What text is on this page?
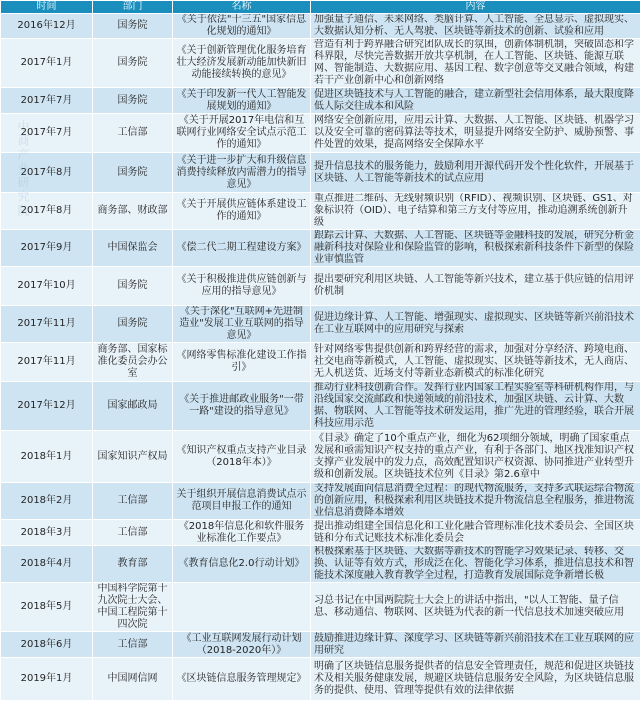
时间	部门	名称	内容
2016年12月	国务院	《关于依法"十三五"国家信息化规划的通知》	加强量子通信、未来网络、类脑计算、人工智能、全息显示、虚拟现实、大数据认知分析、无人驾驶、区块链等新技术的创新、试验和应用
2017年1月	国务院	《关于创新管理优化服务培育壮大经济发展新动能加快新旧动能接续转换的意见》	营造有利于跨界融合研究团队成长的氛围，创新体制机制，突破固态和学科界限，尽快完善数据开放共享机制，在人工智能、区块链、能源互联网、智能制造、大数据应用、基因工程、数字创意等交叉融合领域，构建若干产业创新中心和创新网络
2017年7月	国务院	《关于印发新一代人工智能发展规划的通知》	促进区块链技术与人工智能的融合，建立新型社会信用体系，最大限度降低人际交往成本和风险
2017年7月	工信部	《关于开展2017年电信和互联网行业网络安全试点示范工作的通知》	网络安全创新应用，应用云计算、大数据、人工智能、区块链、机器学习以及安全可靠的密码算法等技术，明显提升网络安全防护、威胁预警、事件处置的效果，提高网络安全保障水平
2017年8月	国务院	《关于进一步扩大和升级信息消费持续释放内需潜力的指导意见》	提升信息技术的服务能力，鼓励利用开源代码开发个性化软件，开展基于区块链、人工智能等新技术的试点应用
2017年8月	商务部、财政部	《关于开展供应链体系建设工作的通知》	重点推进二维码、无线射频识别（RFID）、视频识别、区块链、GS1、对象标识符（OID）、电子结算和第三方支付等应用，推动追溯系统创新升级
2017年9月	中国保监会	《偿二代二期工程建设方案》	跟踪云计算、大数据、人工智能、区块链等金融科技的发展，研究分析金融新科技对保险业和保险监管的影响，积极探索新科技条件下新型的保险业审慎监管
2017年10月	国务院	《关于积极推进供应链创新与应用的指导意见》	提出要研究利用区块链、人工智能等新兴技术，建立基于供应链的信用评价机制
2017年11月	国务院	《关于深化"互联网+先进制造业"发展工业互联网的指导意见》	促进边缘计算、人工智能、增强现实、虚拟现实、区块链等新兴前沿技术在工业互联网中的应用研究与探索
2017年11月	商务部、国家标准化委员会办公室	《网络零售标准化建设工作指引》	针对网络零售提供创新和跨界经营的需求，加强对分享经济、跨境电商、社交电商等新模式，人工智能、虚拟现实、区块链等新技术，无人商店、无人机送货、近场支付等新业态新模式的标准化研究
2017年12月	国家邮政局	《关于推进邮政业服务"一带一路"建设的指导意见》	推动行业科技创新合作。发挥行业内国家工程实验室等科研机构作用，与沿线国家交流邮政和快递领域的前沿技术，加强区块链、云计算、大数据、物联网、人工智能等技术研发运用，推广先进的管理经验，联合开展科技应用示范
2018年1月	国家知识产权局	《知识产权重点支持产业目录（2018年本）》	《目录》确定了10个重点产业，细化为62项细分领域，明确了国家重点发展和亟需知识产权支持的重点产业，有利于各部门、地区找准知识产权支撑产业发展中的发力点，高效配置知识产权资源、协同推进产业转型升级和创新发展。区块链技术位列《目录》第2.6章中
2018年2月	工信部	关于组织开展信息消费试点示范项目申报工作的通知	支持发展面向信息消费全过程：的现代物流服务，支持多式联运综合物流的创新应用，积极探索利用区块链技术提升物流信息全程服务，推进物流业信息消费降本增效
2018年3月	工信部	《2018年信息化和软件服务业标准化工作要点》	提出推动组建全国信息化和工业化融合管理标准化技术委员会、全国区块链和分布式记账技术标准化委员会
2018年4月	教育部	《教育信息化2.0行动计划》	积极探索基于区块链、大数据等新技术的智能学习效果记录、转移、交换、认证等有效方式，形成泛在化、智能化学习体系，推进信息技术和智能技术深度融入教育教学全过程，打造教育发展国际竞争新增长极
2018年5月	中国科学院第十九次院士大会、中国工程院第十四次院		习总书记在中国两院院士大会上的讲话中指出，"以人工智能、量子信息、移动通信、物联网、区块链为代表的新一代信息技术加速突破应用
2018年6月	工信部	《工业互联网发展行动计划（2018-2020年）》	鼓励推进边缘计算、深度学习、区块链等新兴前沿技术在工业互联网的应用研究
2019年1月	中国网信网	《区块链信息服务管理规定》	明确了区块链信息服务提供者的信息安全管理责任，规范和促进区块链技术及相关服务健康发展，规避区块链信息服务安全风险，为区块链信息服务的提供、使用、管理等提供有效的法律依据
中商产业研究院
